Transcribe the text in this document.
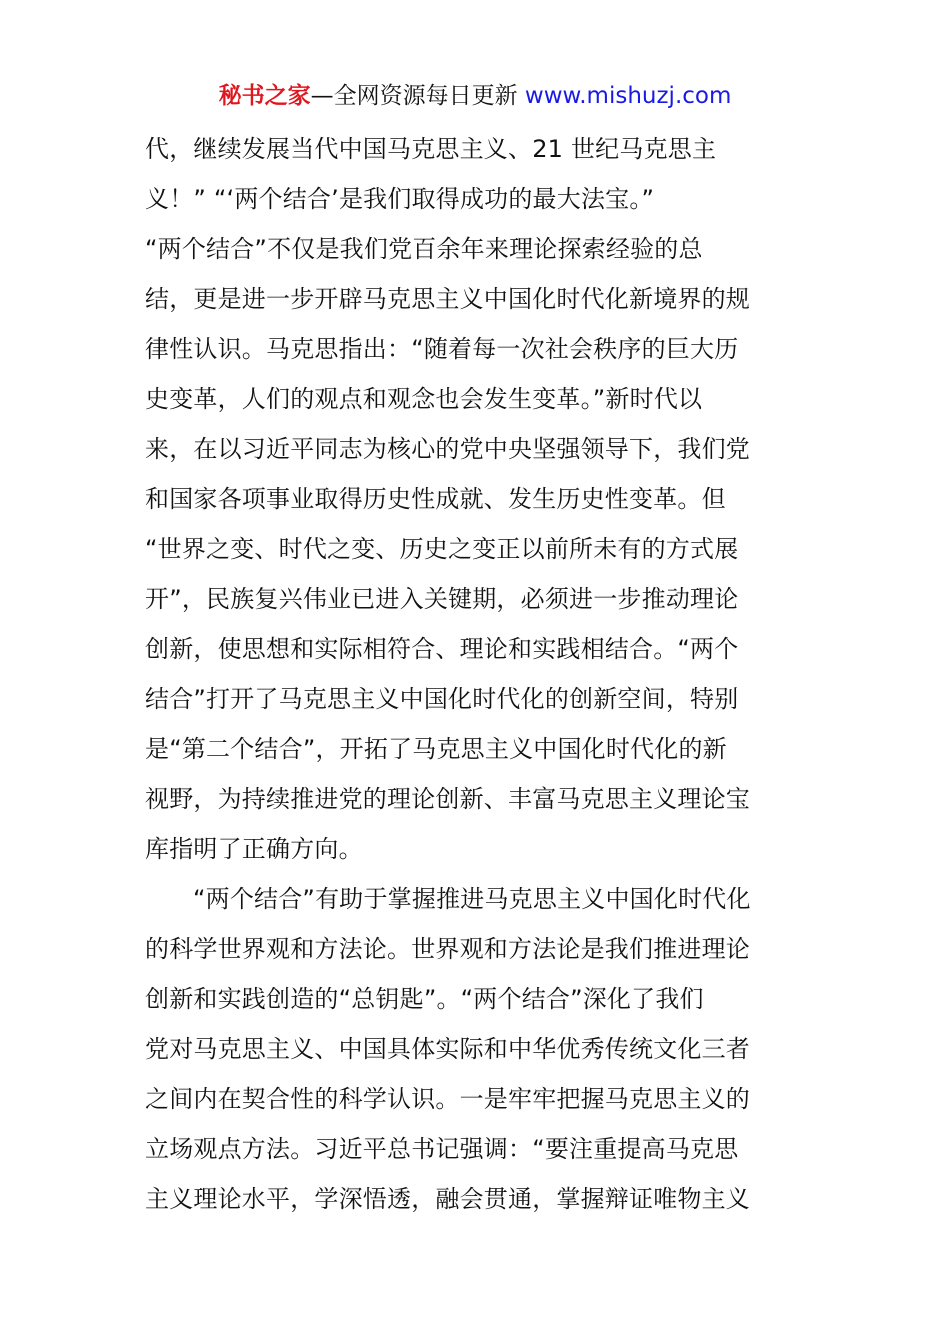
秘书之家—全网资源每日更新 www.mishuzj.com
代，继续发展当代中国马克思主义、21 世纪马克思主
义！” “‘两个结合’是我们取得成功的最大法宝。”
“两个结合”不仅是我们党百余年来理论探索经验的总
结，更是进一步开辟马克思主义中国化时代化新境界的规
律性认识。马克思指出：“随着每一次社会秩序的巨大历
史变革，人们的观点和观念也会发生变革。”新时代以
来，在以习近平同志为核心的党中央坚强领导下，我们党
和国家各项事业取得历史性成就、发生历史性变革。但
“世界之变、时代之变、历史之变正以前所未有的方式展
开”，民族复兴伟业已进入关键期，必须进一步推动理论
创新，使思想和实际相符合、理论和实践相结合。“两个
结合”打开了马克思主义中国化时代化的创新空间，特别
是“第二个结合”，开拓了马克思主义中国化时代化的新
视野，为持续推进党的理论创新、丰富马克思主义理论宝
库指明了正确方向。
“两个结合”有助于掌握推进马克思主义中国化时代化
的科学世界观和方法论。世界观和方法论是我们推进理论
创新和实践创造的“总钥匙”。“两个结合”深化了我们
党对马克思主义、中国具体实际和中华优秀传统文化三者
之间内在契合性的科学认识。一是牢牢把握马克思主义的
立场观点方法。习近平总书记强调：“要注重提高马克思
主义理论水平，学深悟透，融会贯通，掌握辩证唯物主义
